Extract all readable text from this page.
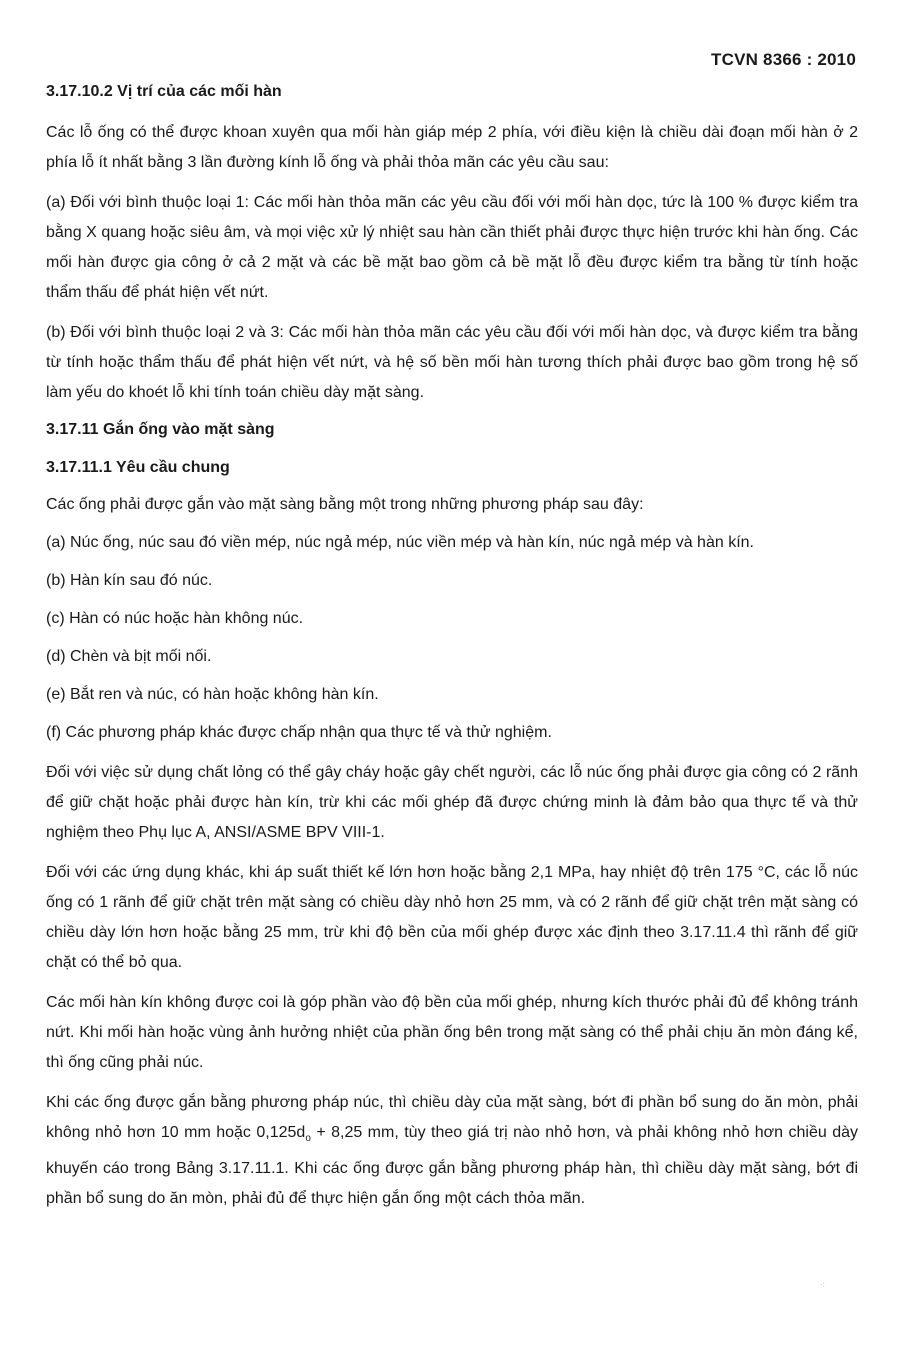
TCVN 8366 : 2010

3.17.10.2 Vị trí của các mối hàn

Các lỗ ống có thể được khoan xuyên qua mối hàn giáp mép 2 phía, với điều kiện là chiều dài đoạn mối hàn ở 2 phía lỗ ít nhất bằng 3 lần đường kính lỗ ống và phải thỏa mãn các yêu cầu sau:

(a) Đối với bình thuộc loại 1: Các mối hàn thỏa mãn các yêu cầu đối với mối hàn dọc, tức là 100 % được kiểm tra bằng X quang hoặc siêu âm, và mọi việc xử lý nhiệt sau hàn cần thiết phải được thực hiện trước khi hàn ống. Các mối hàn được gia công ở cả 2 mặt và các bề mặt bao gồm cả bề mặt lỗ đều được kiểm tra bằng từ tính hoặc thẩm thấu để phát hiện vết nứt.

(b) Đối với bình thuộc loại 2 và 3: Các mối hàn thỏa mãn các yêu cầu đối với mối hàn dọc, và được kiểm tra bằng từ tính hoặc thẩm thấu để phát hiện vết nứt, và hệ số bền mối hàn tương thích phải được bao gồm trong hệ số làm yếu do khoét lỗ khi tính toán chiều dày mặt sàng.

3.17.11 Gắn ống vào mặt sàng

3.17.11.1 Yêu cầu chung

Các ống phải được gắn vào mặt sàng bằng một trong những phương pháp sau đây:

(a) Núc ống, núc sau đó viền mép, núc ngả mép, núc viền mép và hàn kín, núc ngả mép và hàn kín.

(b) Hàn kín sau đó núc.

(c) Hàn có núc hoặc hàn không núc.

(d) Chèn và bịt mối nối.

(e) Bắt ren và núc, có hàn hoặc không hàn kín.

(f) Các phương pháp khác được chấp nhận qua thực tế và thử nghiệm.

Đối với việc sử dụng chất lỏng có thể gây cháy hoặc gây chết người, các lỗ núc ống phải được gia công có 2 rãnh để giữ chặt hoặc phải được hàn kín, trừ khi các mối ghép đã được chứng minh là đảm bảo qua thực tế và thử nghiệm theo Phụ lục A, ANSI/ASME BPV VIII-1.

Đối với các ứng dụng khác, khi áp suất thiết kế lớn hơn hoặc bằng 2,1 MPa, hay nhiệt độ trên 175 °C, các lỗ núc ống có 1 rãnh để giữ chặt trên mặt sàng có chiều dày nhỏ hơn 25 mm, và có 2 rãnh để giữ chặt trên mặt sàng có chiều dày lớn hơn hoặc bằng 25 mm, trừ khi độ bền của mối ghép được xác định theo 3.17.11.4 thì rãnh để giữ chặt có thể bỏ qua.

Các mối hàn kín không được coi là góp phần vào độ bền của mối ghép, nhưng kích thước phải đủ để không tránh nứt. Khi mối hàn hoặc vùng ảnh hưởng nhiệt của phần ống bên trong mặt sàng có thể phải chịu ăn mòn đáng kể, thì ống cũng phải núc.

Khi các ống được gắn bằng phương pháp núc, thì chiều dày của mặt sàng, bớt đi phần bổ sung do ăn mòn, phải không nhỏ hơn 10 mm hoặc $0,125d_o + 8,25$ mm, tùy theo giá trị nào nhỏ hơn, và phải không nhỏ hơn chiều dày khuyến cáo trong Bảng 3.17.11.1. Khi các ống được gắn bằng phương pháp hàn, thì chiều dày mặt sàng, bớt đi phần bổ sung do ăn mòn, phải đủ để thực hiện gắn ống một cách thỏa mãn.

·:
